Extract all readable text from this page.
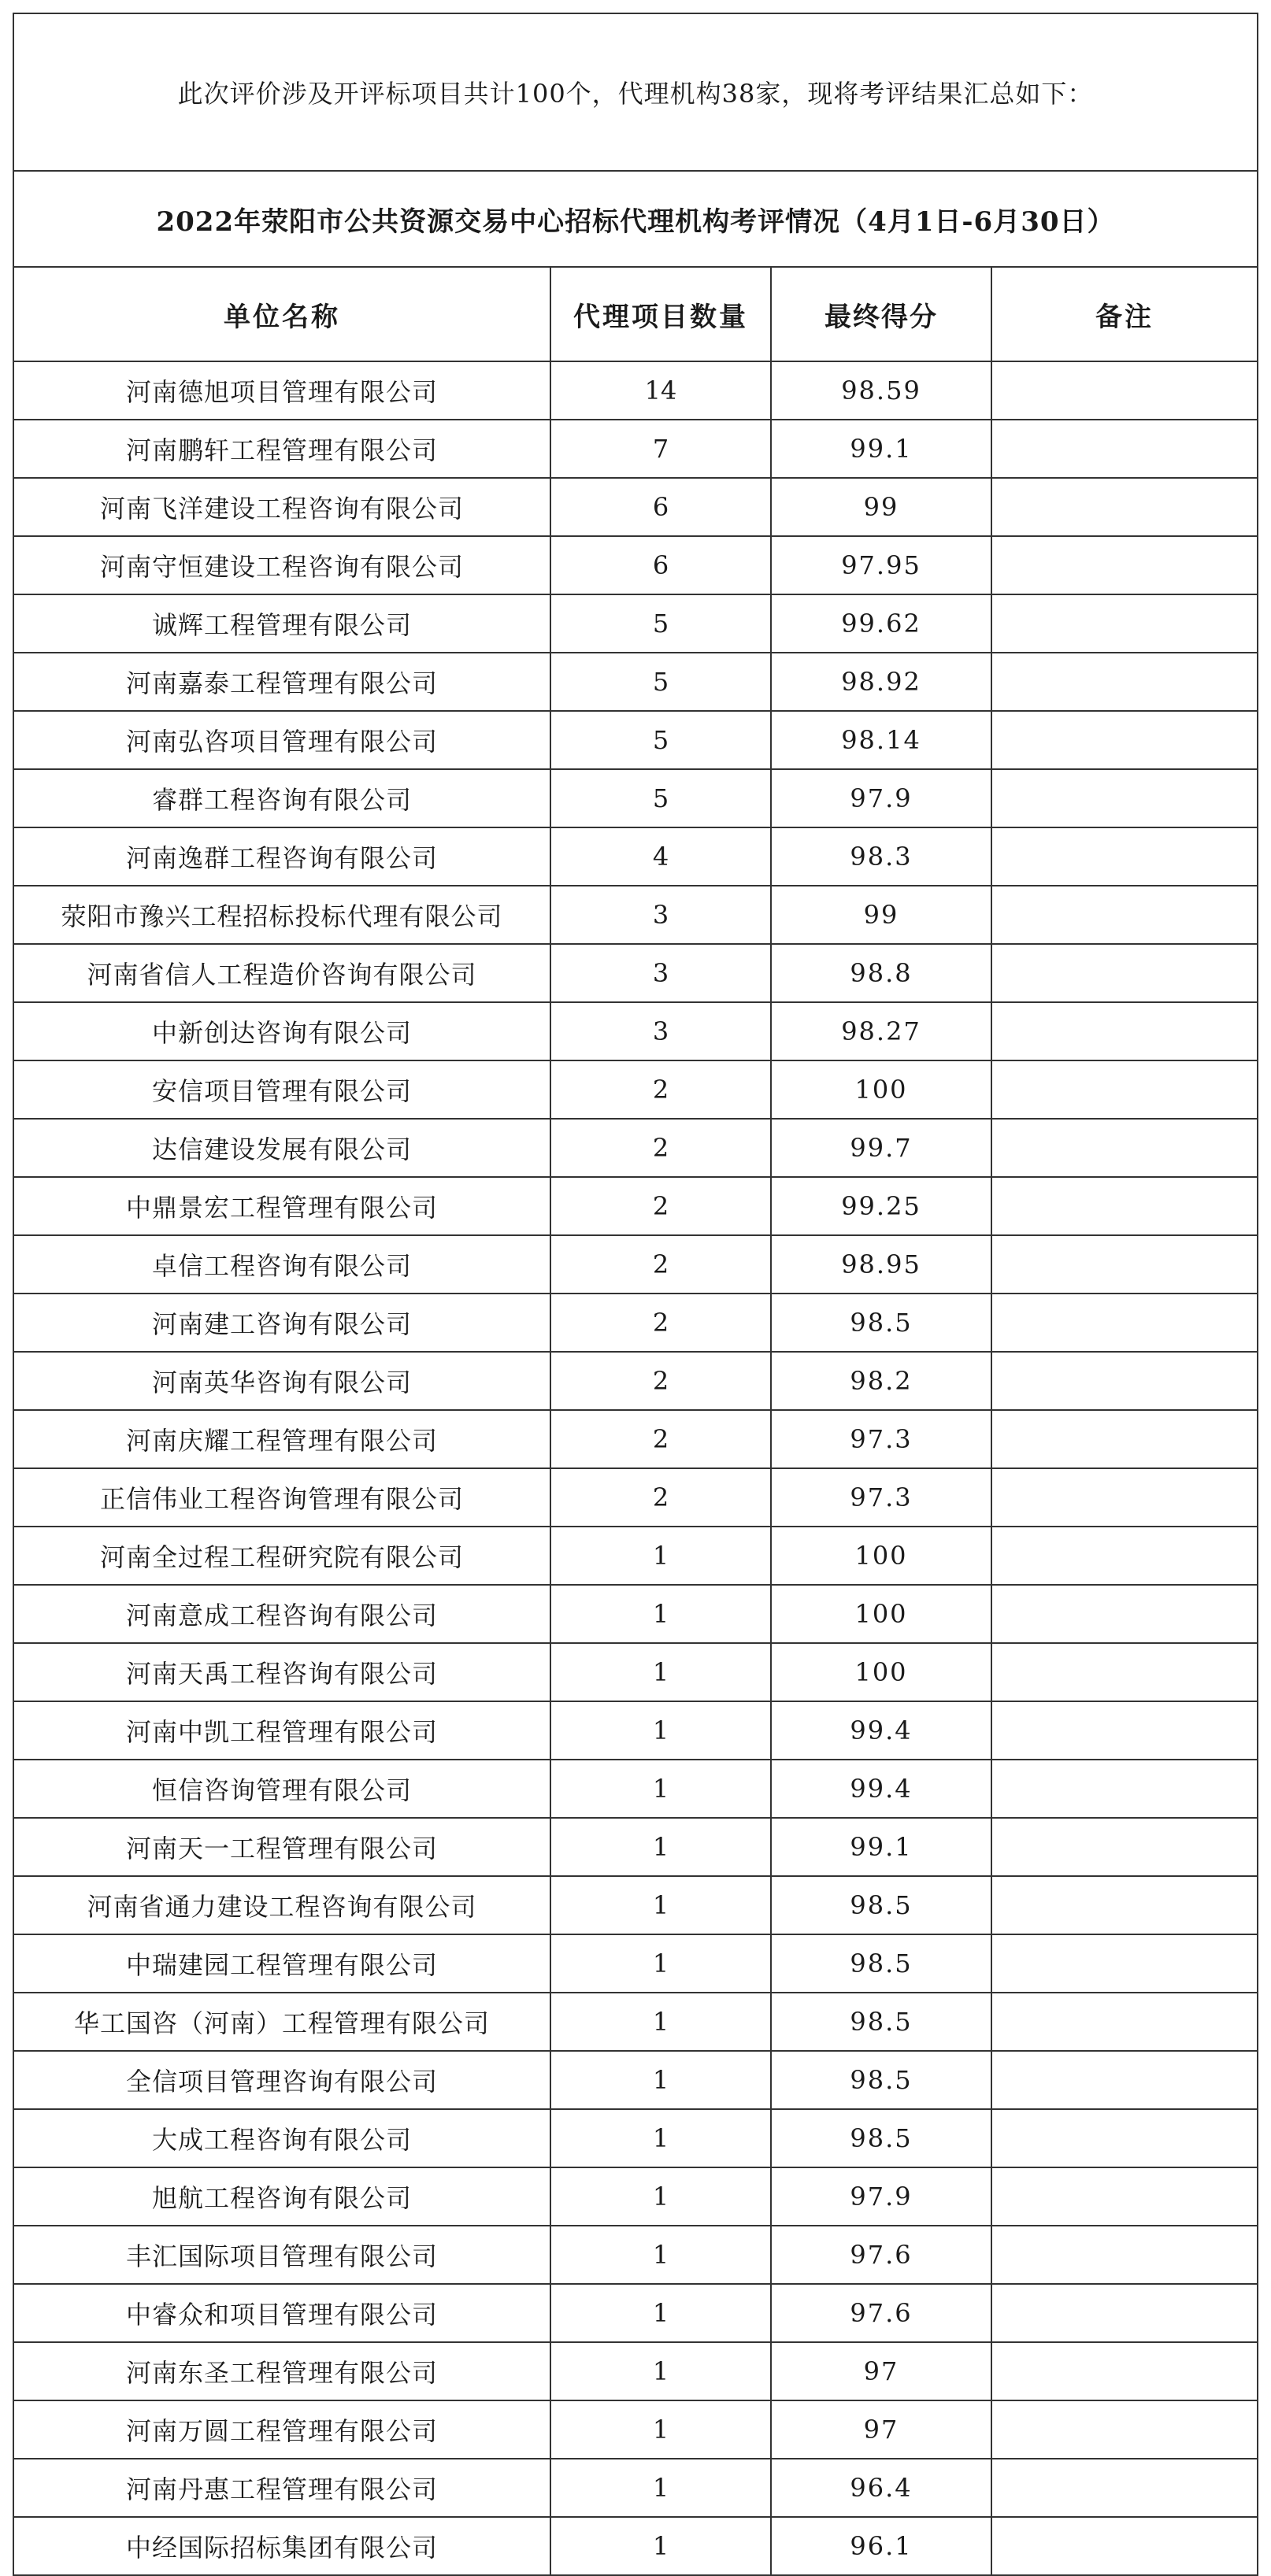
此次评价涉及开评标项目共计100个，代理机构38家，现将考评结果汇总如下：
2022年荥阳市公共资源交易中心招标代理机构考评情况（4月1日-6月30日）
单位名称	代理项目数量	最终得分	备注
河南德旭项目管理有限公司	14	98.59
河南鹏轩工程管理有限公司	7	99.1
河南飞洋建设工程咨询有限公司	6	99
河南守恒建设工程咨询有限公司	6	97.95
诚辉工程管理有限公司	5	99.62
河南嘉泰工程管理有限公司	5	98.92
河南弘咨项目管理有限公司	5	98.14
睿群工程咨询有限公司	5	97.9
河南逸群工程咨询有限公司	4	98.3
荥阳市豫兴工程招标投标代理有限公司	3	99
河南省信人工程造价咨询有限公司	3	98.8
中新创达咨询有限公司	3	98.27
安信项目管理有限公司	2	100
达信建设发展有限公司	2	99.7
中鼎景宏工程管理有限公司	2	99.25
卓信工程咨询有限公司	2	98.95
河南建工咨询有限公司	2	98.5
河南英华咨询有限公司	2	98.2
河南庆耀工程管理有限公司	2	97.3
正信伟业工程咨询管理有限公司	2	97.3
河南全过程工程研究院有限公司	1	100
河南意成工程咨询有限公司	1	100
河南天禹工程咨询有限公司	1	100
河南中凯工程管理有限公司	1	99.4
恒信咨询管理有限公司	1	99.4
河南天一工程管理有限公司	1	99.1
河南省通力建设工程咨询有限公司	1	98.5
中瑞建园工程管理有限公司	1	98.5
华工国咨（河南）工程管理有限公司	1	98.5
全信项目管理咨询有限公司	1	98.5
大成工程咨询有限公司	1	98.5
旭航工程咨询有限公司	1	97.9
丰汇国际项目管理有限公司	1	97.6
中睿众和项目管理有限公司	1	97.6
河南东圣工程管理有限公司	1	97
河南万圆工程管理有限公司	1	97
河南丹惠工程管理有限公司	1	96.4
中经国际招标集团有限公司	1	96.1
